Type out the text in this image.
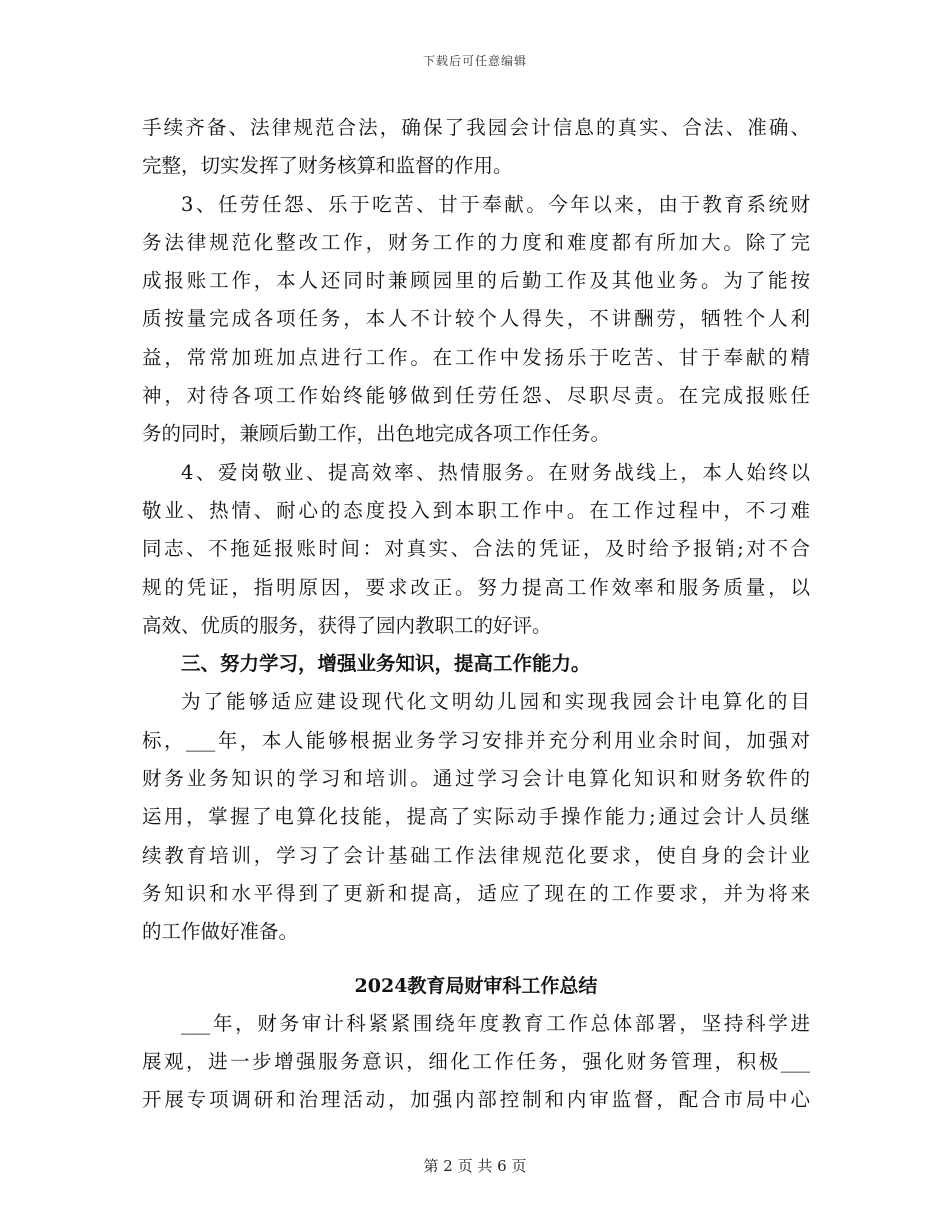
下载后可任意编辑
手续齐备、法律规范合法，确保了我园会计信息的真实、合法、准确、
完整，切实发挥了财务核算和监督的作用。
3、任劳任怨、乐于吃苦、甘于奉献。今年以来，由于教育系统财
务法律规范化整改工作，财务工作的力度和难度都有所加大。除了完
成报账工作，本人还同时兼顾园里的后勤工作及其他业务。为了能按
质按量完成各项任务，本人不计较个人得失，不讲酬劳，牺牲个人利
益，常常加班加点进行工作。在工作中发扬乐于吃苦、甘于奉献的精
神，对待各项工作始终能够做到任劳任怨、尽职尽责。在完成报账任
务的同时，兼顾后勤工作，出色地完成各项工作任务。
4、爱岗敬业、提高效率、热情服务。在财务战线上，本人始终以
敬业、热情、耐心的态度投入到本职工作中。在工作过程中，不刁难
同志、不拖延报账时间：对真实、合法的凭证，及时给予报销;对不合
规的凭证，指明原因，要求改正。努力提高工作效率和服务质量，以
高效、优质的服务，获得了园内教职工的好评。
三、努力学习，增强业务知识，提高工作能力。
为了能够适应建设现代化文明幼儿园和实现我园会计电算化的目
标，___年，本人能够根据业务学习安排并充分利用业余时间，加强对
财务业务知识的学习和培训。通过学习会计电算化知识和财务软件的
运用，掌握了电算化技能，提高了实际动手操作能力;通过会计人员继
续教育培训，学习了会计基础工作法律规范化要求，使自身的会计业
务知识和水平得到了更新和提高，适应了现在的工作要求，并为将来
的工作做好准备。
2024教育局财审科工作总结
___年，财务审计科紧紧围绕年度教育工作总体部署，坚持科学进
展观，进一步增强服务意识，细化工作任务，强化财务管理，积极___
开展专项调研和治理活动，加强内部控制和内审监督，配合市局中心
第 2 页 共 6 页
